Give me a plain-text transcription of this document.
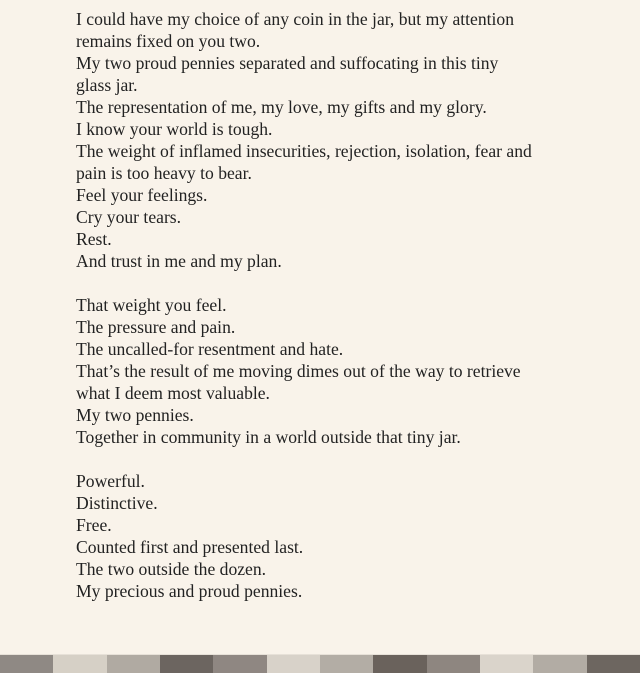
I could have my choice of any coin in the jar, but my attention
remains fixed on you two.
My two proud pennies separated and suffocating in this tiny
glass jar.
The representation of me, my love, my gifts and my glory.
I know your world is tough.
The weight of inflamed insecurities, rejection, isolation, fear and
pain is too heavy to bear.
Feel your feelings.
Cry your tears.
Rest.
And trust in me and my plan.
That weight you feel.
The pressure and pain.
The uncalled-for resentment and hate.
That’s the result of me moving dimes out of the way to retrieve
what I deem most valuable.
My two pennies.
Together in community in a world outside that tiny jar.
Powerful.
Distinctive.
Free.
Counted first and presented last.
The two outside the dozen.
My precious and proud pennies.
